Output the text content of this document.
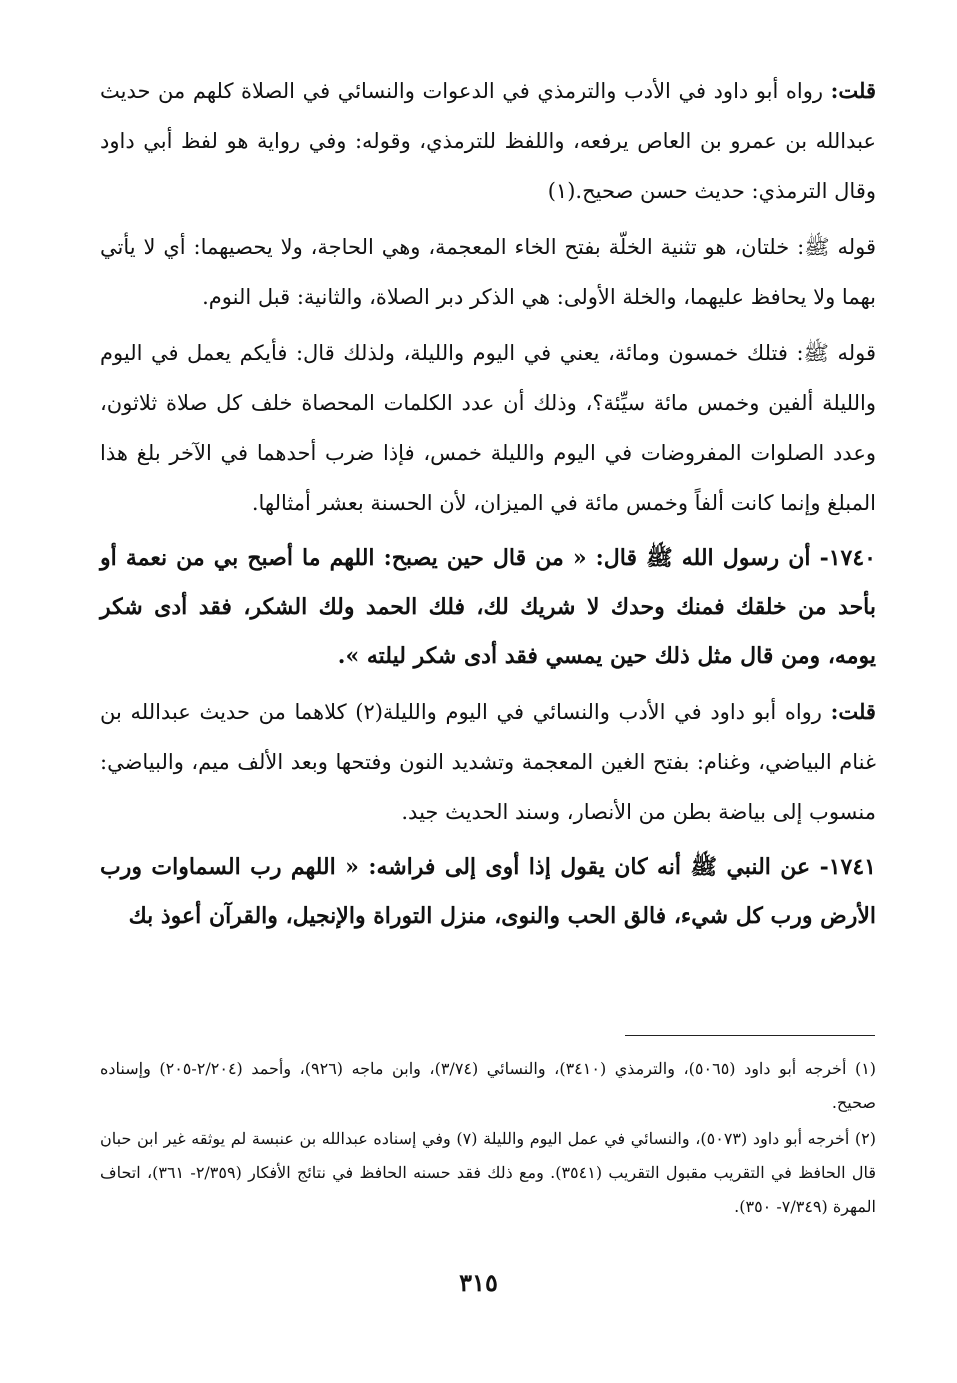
قلت: رواه أبو داود في الأدب والترمذي في الدعوات والنسائي في الصلاة كلهم من حديث عبدالله بن عمرو بن العاص يرفعه، واللفظ للترمذي، وقوله: وفي رواية هو لفظ أبي داود وقال الترمذي: حديث حسن صحيح.(١)

قوله ﷺ: خلتان، هو تثنية الخلّة بفتح الخاء المعجمة، وهي الحاجة، ولا يحصيهما: أي لا يأتي بهما ولا يحافظ عليهما، والخلة الأولى: هي الذكر دبر الصلاة، والثانية: قبل النوم.

قوله ﷺ: فتلك خمسون ومائة، يعني في اليوم والليلة، ولذلك قال: فأيكم يعمل في اليوم والليلة ألفين وخمس مائة سيِّئة؟، وذلك أن عدد الكلمات المحصاة خلف كل صلاة ثلاثون، وعدد الصلوات المفروضات في اليوم والليلة خمس، فإذا ضرب أحدهما في الآخر بلغ هذا المبلغ وإنما كانت ألفاً وخمس مائة في الميزان، لأن الحسنة بعشر أمثالها.

١٧٤٠- أن رسول الله ﷺ قال: « من قال حين يصبح: اللهم ما أصبح بي من نعمة أو بأحد من خلقك فمنك وحدك لا شريك لك، فلك الحمد ولك الشكر، فقد أدى شكر يومه، ومن قال مثل ذلك حين يمسي فقد أدى شكر ليلته ».

قلت: رواه أبو داود في الأدب والنسائي في اليوم والليلة(٢) كلاهما من حديث عبدالله بن غنام البياضي، وغنام: بفتح الغين المعجمة وتشديد النون وفتحها وبعد الألف ميم، والبياضي: منسوب إلى بياضة بطن من الأنصار، وسند الحديث جيد.

١٧٤١- عن النبي ﷺ أنه كان يقول إذا أوى إلى فراشه: « اللهم رب السماوات ورب الأرض ورب كل شيء، فالق الحب والنوى، منزل التوراة والإنجيل، والقرآن أعوذ بك

(١) أخرجه أبو داود (٥٠٦٥)، والترمذي (٣٤١٠)، والنسائي (٣/٧٤)، وابن ماجه (٩٢٦)، وأحمد (٢/٢٠٤-٢٠٥) وإسناده صحيح.

(٢) أخرجه أبو داود (٥٠٧٣)، والنسائي في عمل اليوم والليلة (٧) وفي إسناده عبدالله بن عنبسة لم يوثقه غير ابن حبان قال الحافظ في التقريب مقبول التقريب (٣٥٤١). ومع ذلك فقد حسنه الحافظ في نتائج الأفكار (٢/٣٥٩- ٣٦١)، اتحاف المهرة (٧/٣٤٩- ٣٥٠).

٣١٥
